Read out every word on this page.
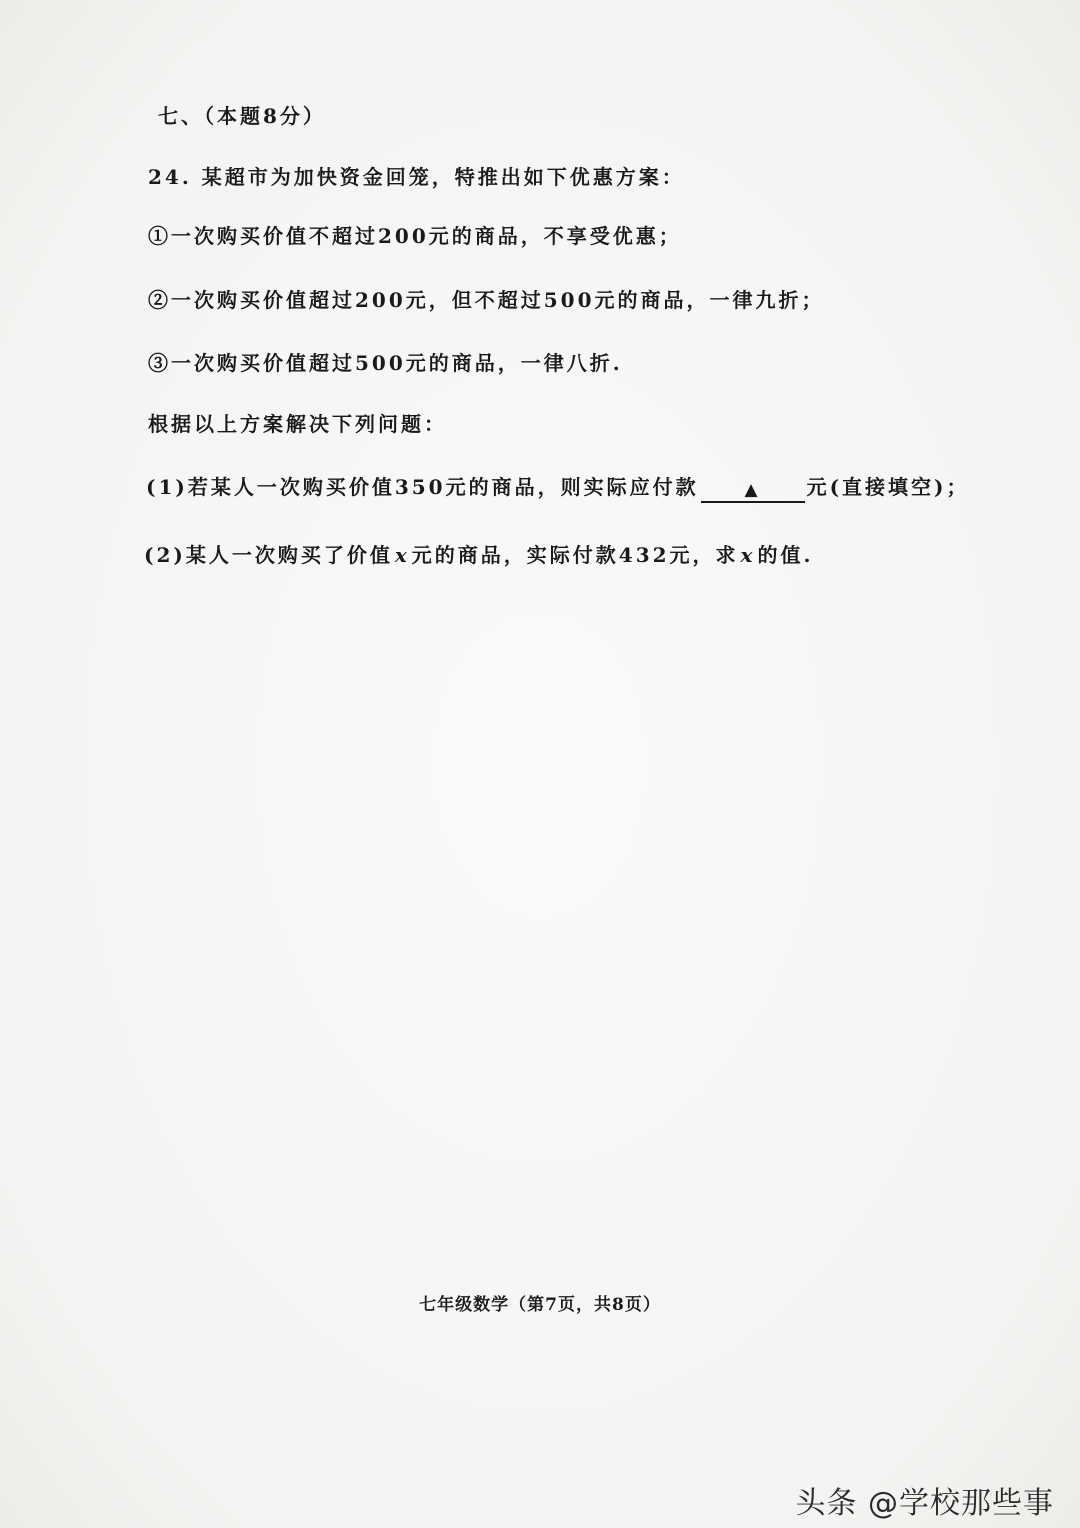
七、（本题8分）
24. 某超市为加快资金回笼，特推出如下优惠方案：
①一次购买价值不超过200元的商品，不享受优惠；
②一次购买价值超过200元，但不超过500元的商品，一律九折；
③一次购买价值超过500元的商品，一律八折.
根据以上方案解决下列问题：
(1)若某人一次购买价值350元的商品，则实际应付款	▲ 元(直接填空)；
(2)某人一次购买了价值 x 元的商品，实际付款432元，求 x 的值.
七年级数学（第7页，共8页）
头条 @学校那些事
